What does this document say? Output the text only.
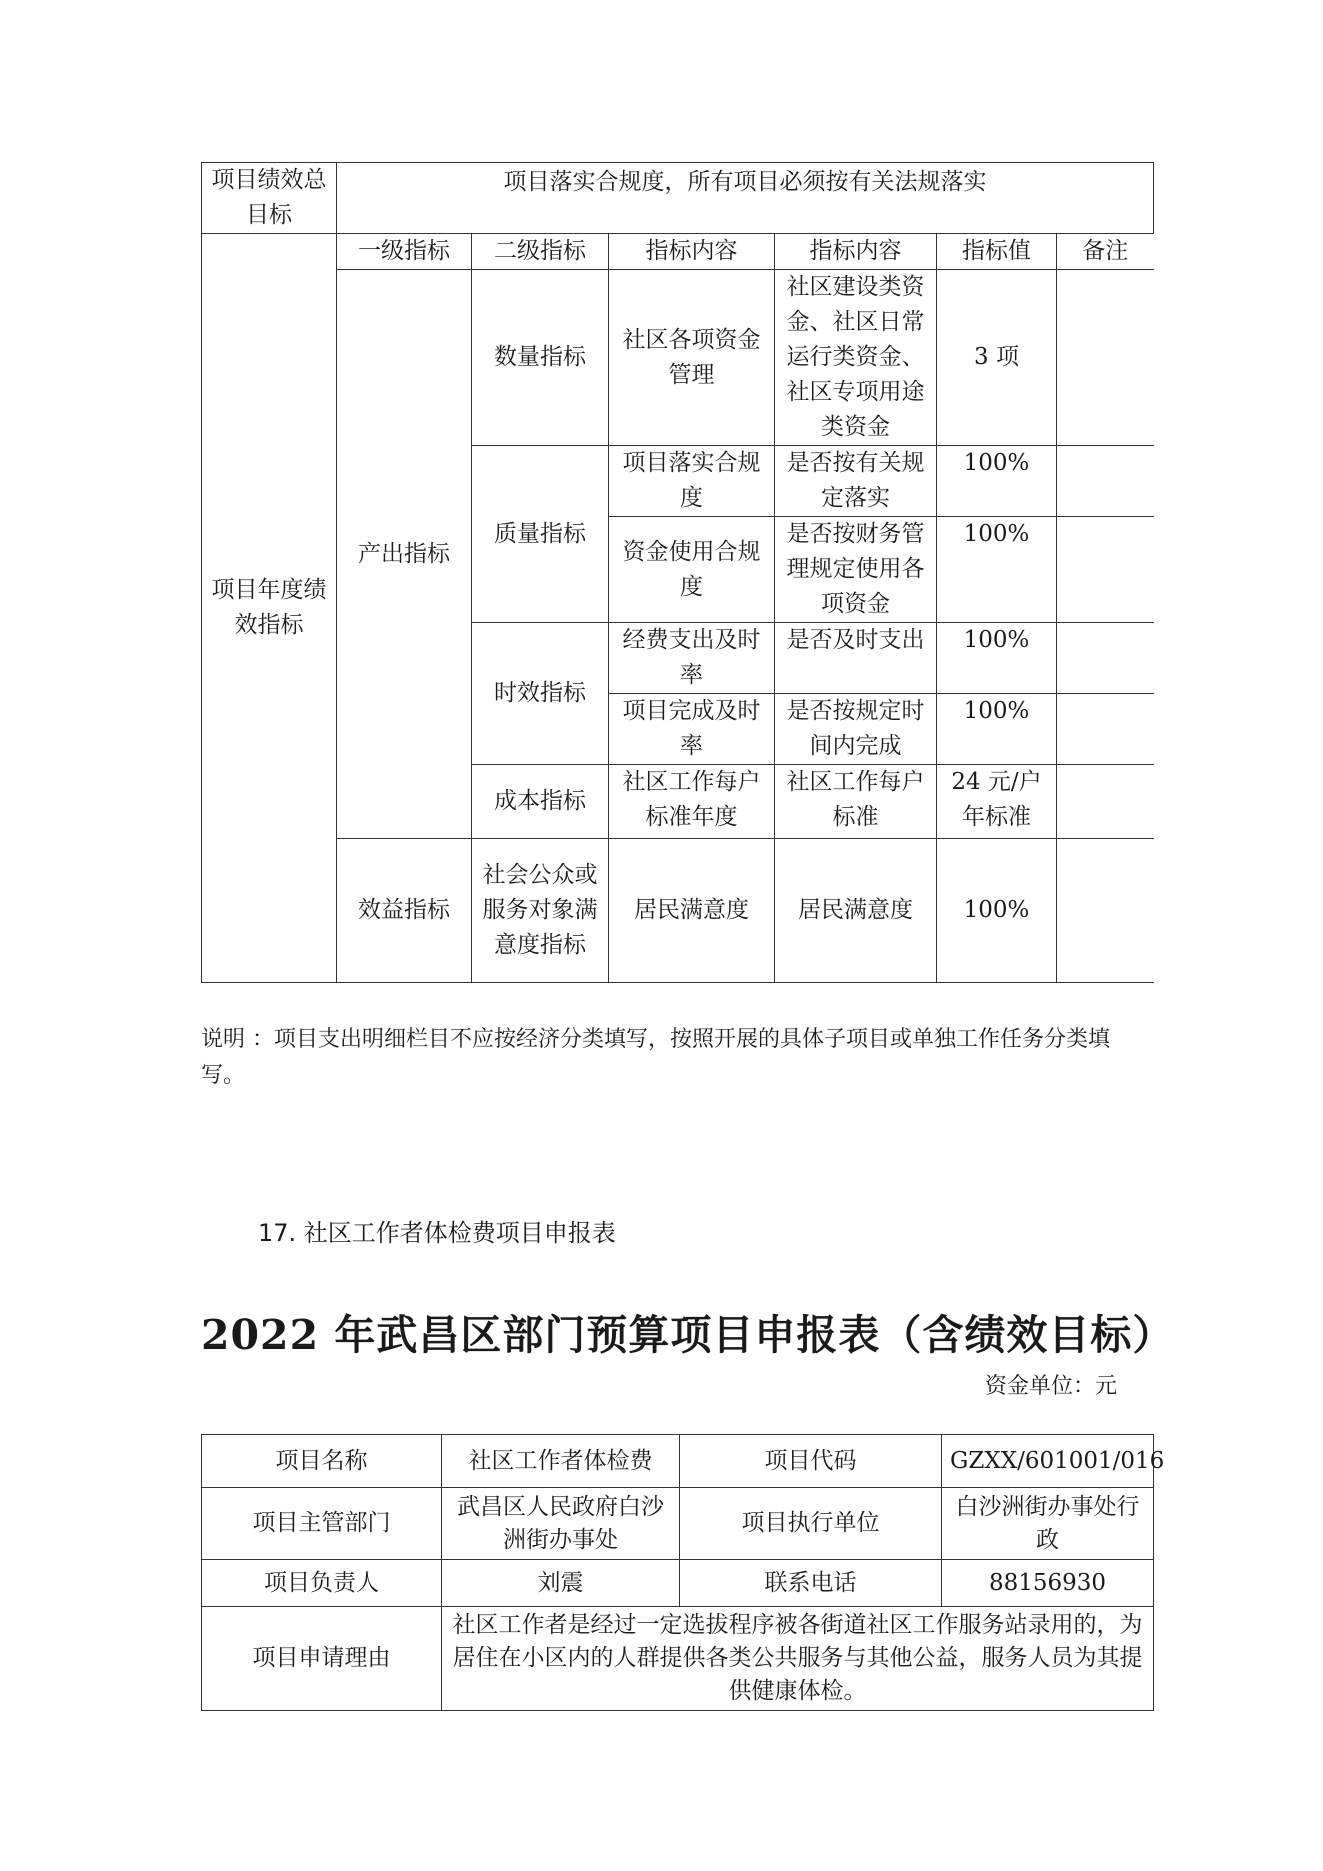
项目绩效总目标	项目落实合规度，所有项目必须按有关法规落实					
项目年度绩效指标	一级指标	二级指标	指标内容	指标内容	指标值	备注
	产出指标	数量指标	社区各项资金管理	社区建设类资金、社区日常运行类资金、社区专项用途类资金	3 项	
		质量指标	项目落实合规度	是否按有关规定落实	100%	
			资金使用合规度	是否按财务管理规定使用各项资金	100%	
		时效指标	经费支出及时率	是否及时支出	100%	
			项目完成及时率	是否按规定时间内完成	100%	
		成本指标	社区工作每户标准年度	社区工作每户标准	24 元/户年标准	
	效益指标	社会公众或服务对象满意度指标	居民满意度	居民满意度	100%	
说明 ：项目支出明细栏目不应按经济分类填写，按照开展的具体子项目或单独工作任务分类填写。
17. 社区工作者体检费项目申报表
2022 年武昌区部门预算项目申报表（含绩效目标）
资金单位：元
项目名称	社区工作者体检费	项目代码	GZXX/601001/016
项目主管部门	武昌区人民政府白沙洲街办事处	项目执行单位	白沙洲街办事处行政
项目负责人	刘震	联系电话	88156930
项目申请理由	社区工作者是经过一定选拔程序被各街道社区工作服务站录用的，为居住在小区内的人群提供各类公共服务与其他公益，服务人员为其提供健康体检。		
